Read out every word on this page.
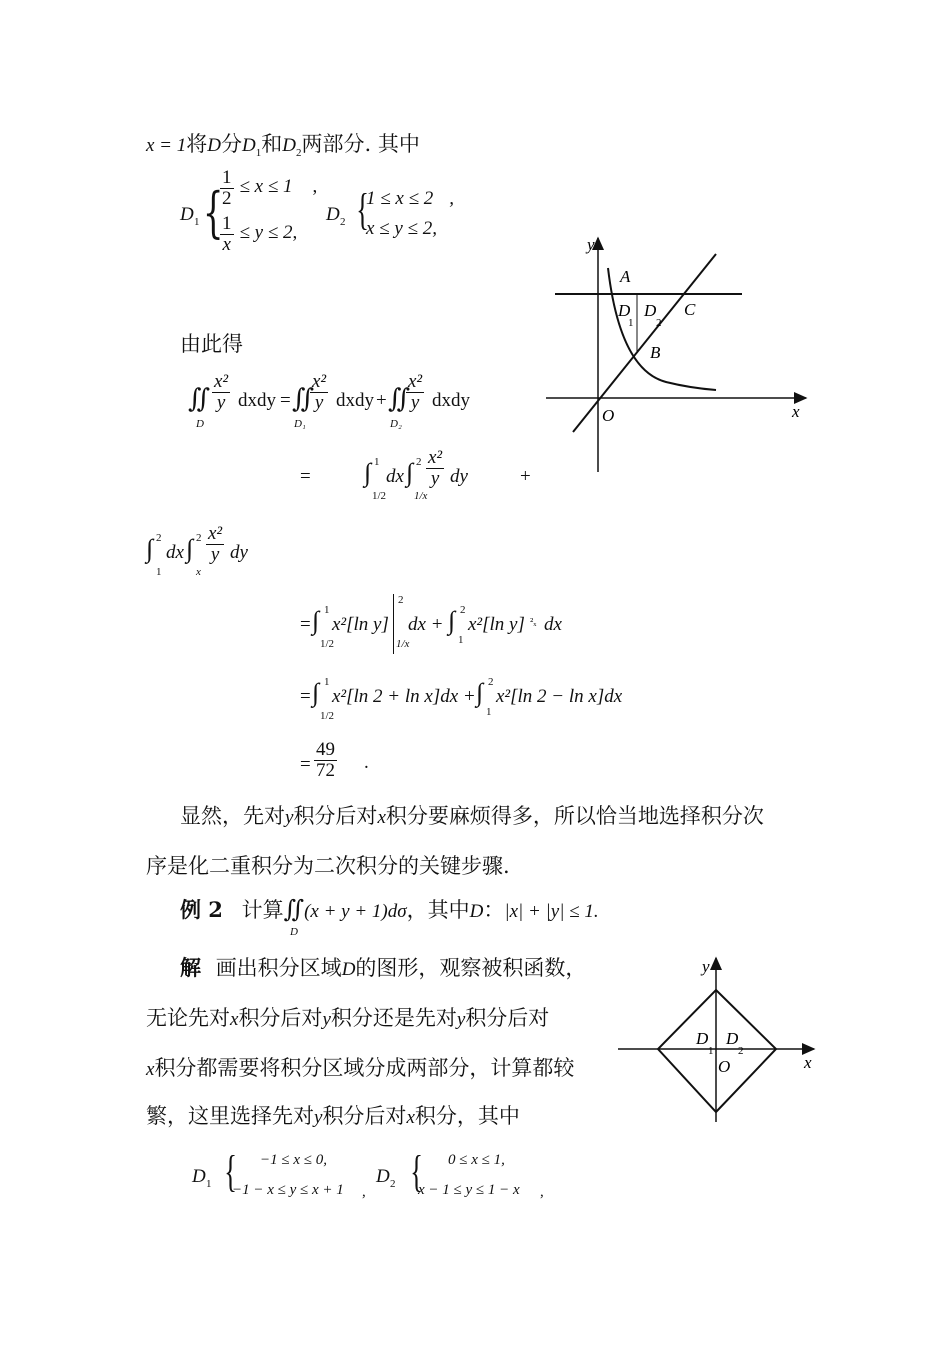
x = 1将D分$D_1$和$D_2$两部分. 其中
D 1 {
$\frac{1}{2} \le x \le 1$ ,
$\frac{1}{x} \le y \le 2$,
D 2 {
1 ≤ x ≤ 2 ,
x ≤ y ≤ 2,
由此得
∬
D
$\frac{\text{x²}}{y}$ dxdy = ∬
D₁
$\frac{\text{x²}}{y}$ dxdy + ∬
D₂
$\frac{\text{x²}}{y}$ dxdy
= ∫ 1
1/2
dx ∫ 2
1/x
$\frac{\text{x²}}{y}$ dy	+
∫ 2
1
dx ∫ 2
x
$\frac{\text{x²}}{y}$ dy
= ∫ 1
1/2
x²[ln y]
2
1/x
dx + ∫ 2
1
x²[ln y] ²ₓ dx
= ∫ 1
1/2
x²[ln 2 + ln x]dx + ∫ 2
1
x²[ln 2 − ln x]dx
= $\frac{49}{72}$ .
显然，先对y积分后对x积分要麻烦得多，所以恰当地选择积分次
序是化二重积分为二次积分的关键步骤.
例 2 计算∬(x + y + 1)dσ，其中D：|x| + |y| ≤ 1.
D
解 画出积分区域D的图形，观察被积函数，
无论先对x积分后对y积分还是先对y积分后对
x积分都需要将积分区域分成两部分，计算都较
繁，这里选择先对y积分后对x积分，其中
D 1 { −1 ≤ x ≤ 0,
−1 − x ≤ y ≤ x + 1 ,
D 2 { 0 ≤ x ≤ 1,
x − 1 ≤ y ≤ 1 − x ,
y
x
O
A
B
C
D
1
D
2
y
x
O
D
1
D
2
